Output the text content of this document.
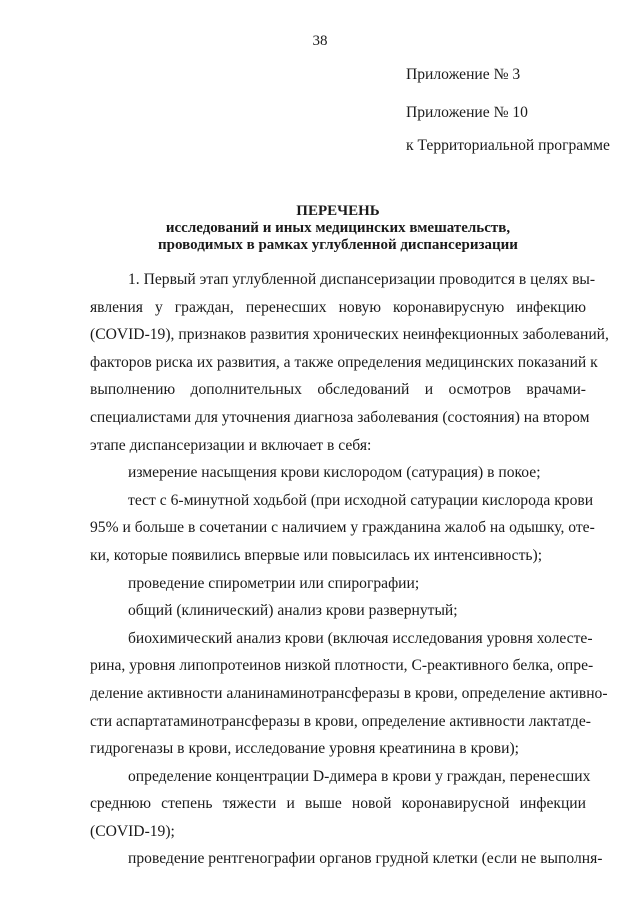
38
Приложение № 3
Приложение № 10
к Территориальной программе
ПЕРЕЧЕНЬ
исследований и иных медицинских вмешательств,
проводимых в рамках углубленной диспансеризации
1. Первый этап углубленной диспансеризации проводится в целях вы-
явления у граждан, перенесших новую коронавирусную инфекцию
(COVID-19), признаков развития хронических неинфекционных заболеваний,
факторов риска их развития, а также определения медицинских показаний к
выполнению дополнительных обследований и осмотров врачами-
специалистами для уточнения диагноза заболевания (состояния) на втором
этапе диспансеризации и включает в себя:
измерение насыщения крови кислородом (сатурация) в покое;
тест с 6-минутной ходьбой (при исходной сатурации кислорода крови
95% и больше в сочетании с наличием у гражданина жалоб на одышку, оте-
ки, которые появились впервые или повысилась их интенсивность);
проведение спирометрии или спирографии;
общий (клинический) анализ крови развернутый;
биохимический анализ крови (включая исследования уровня холесте-
рина, уровня липопротеинов низкой плотности, С-реактивного белка, опре-
деление активности аланинаминотрансферазы в крови, определение активно-
сти аспартатаминотрансферазы в крови, определение активности лактатде-
гидрогеназы в крови, исследование уровня креатинина в крови);
определение концентрации D-димера в крови у граждан, перенесших
среднюю степень тяжести и выше новой коронавирусной инфекции
(COVID-19);
проведение рентгенографии органов грудной клетки (если не выполня-
